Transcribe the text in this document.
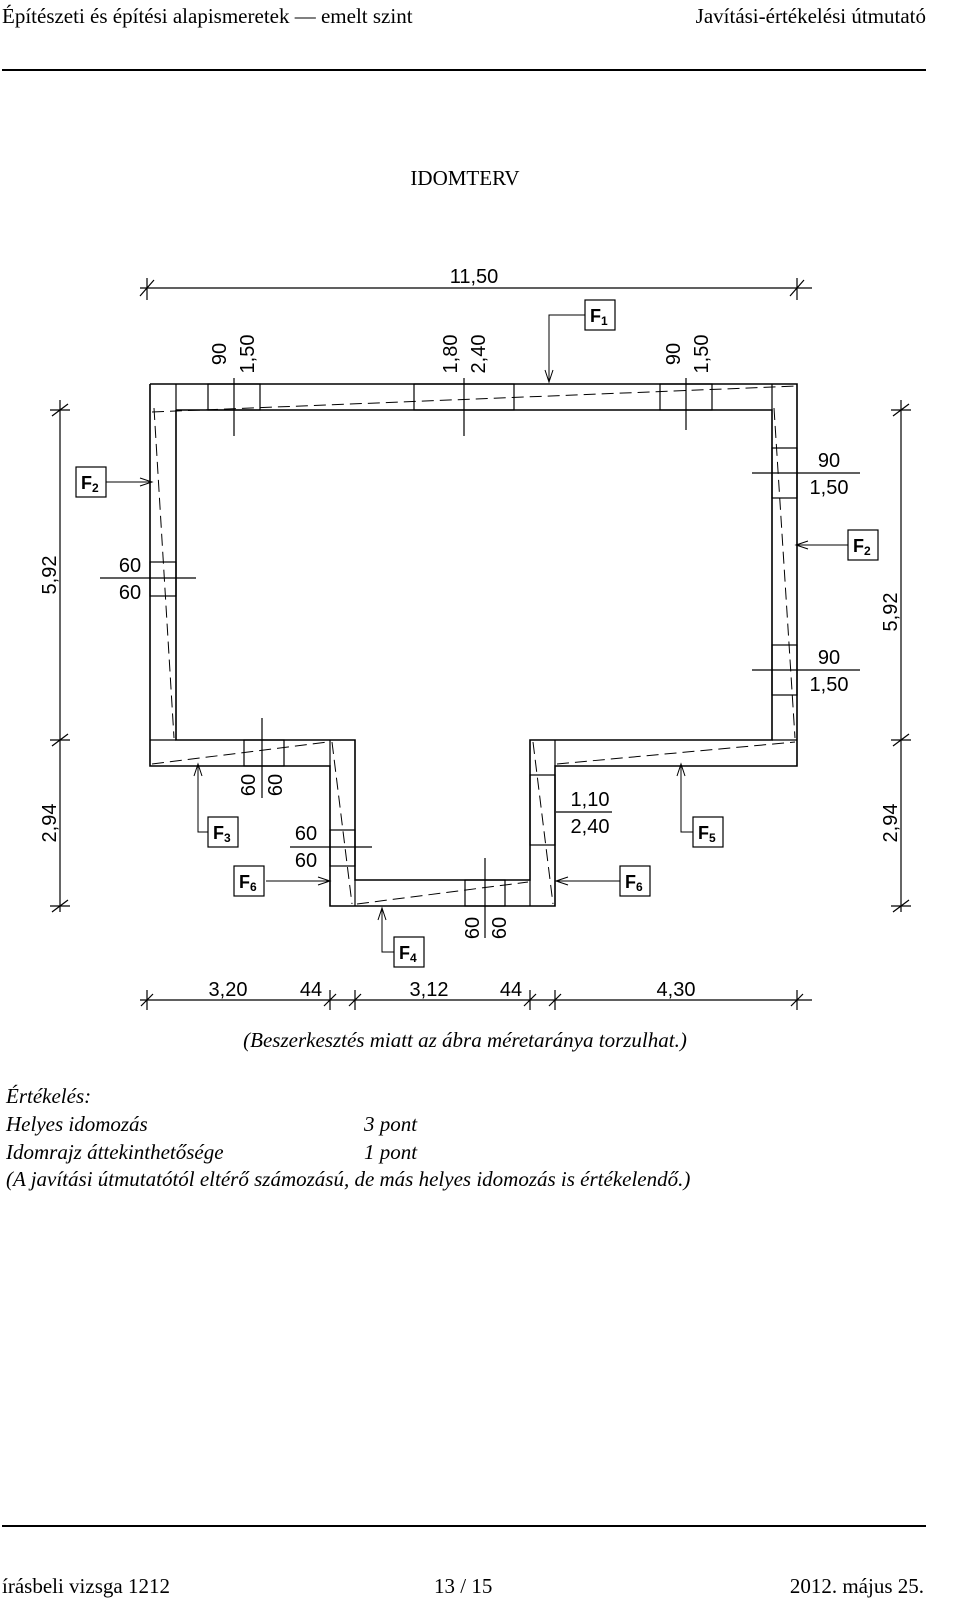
Építészeti és építési alapismeretek — emelt szint	Javítási-értékelési útmutató
IDOMTERV
F1
F2
F2
F3	F5
F6	F6
F4
11,50
5,92
2,94
5,92
2,94
3,20	44	3,12	44	4,30
90 1,50	1,80 2,40	90 1,50
60
60
90
1,50
90
1,50
60 60
60
60
1,10
2,40
60 60
(Beszerkesztés miatt az ábra méretaránya torzulhat.)
Értékelés:
Helyes idomozás	3 pont
Idomrajz áttekinthetősége	1 pont
(A javítási útmutatótól eltérő számozású, de más helyes idomozás is értékelendő.)
írásbeli vizsga 1212	13 / 15	2012. május 25.
